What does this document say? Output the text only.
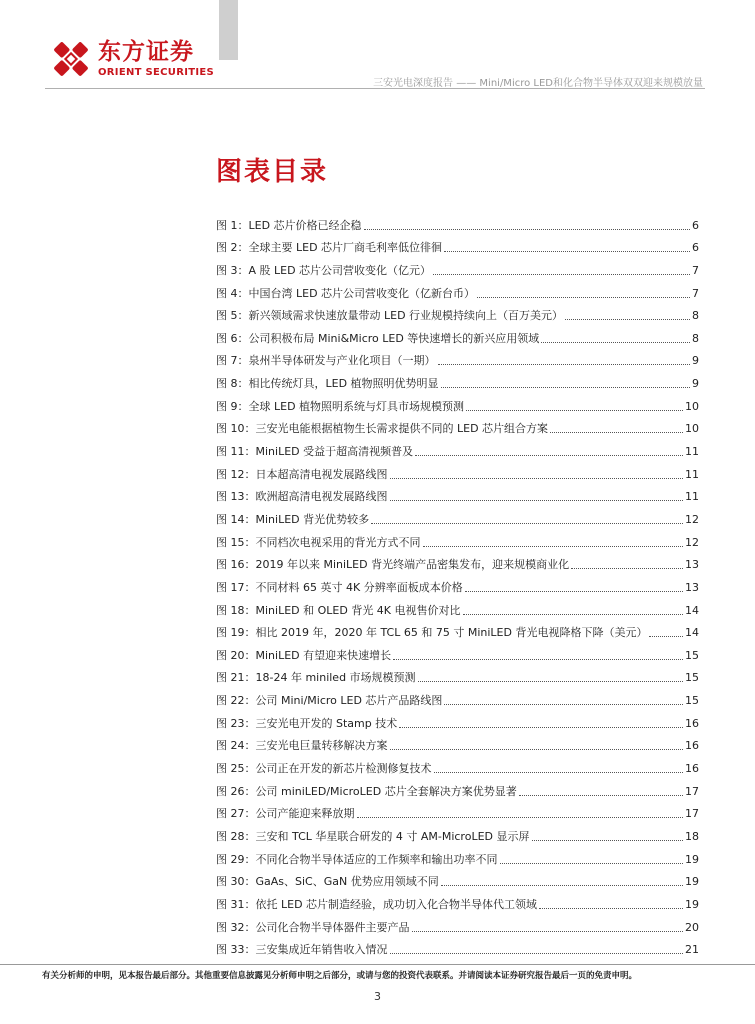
东方证券
ORIENT SECURITIES
三安光电深度报告 —— Mini/Micro LED和化合物半导体双双迎来规模放量
图表目录
图 1：LED 芯片价格已经企稳	6
图 2：全球主要 LED 芯片厂商毛利率低位徘徊	6
图 3：A 股 LED 芯片公司营收变化（亿元）	7
图 4：中国台湾 LED 芯片公司营收变化（亿新台币）	7
图 5：新兴领域需求快速放量带动 LED 行业规模持续向上（百万美元）	8
图 6：公司积极布局 Mini&Micro LED 等快速增长的新兴应用领域	8
图 7：泉州半导体研发与产业化项目（一期）	9
图 8：相比传统灯具，LED 植物照明优势明显	9
图 9：全球 LED 植物照明系统与灯具市场规模预测	10
图 10：三安光电能根据植物生长需求提供不同的 LED 芯片组合方案	10
图 11：MiniLED 受益于超高清视频普及	11
图 12：日本超高清电视发展路线图	11
图 13：欧洲超高清电视发展路线图	11
图 14：MiniLED 背光优势较多	12
图 15：不同档次电视采用的背光方式不同	12
图 16：2019 年以来 MiniLED 背光终端产品密集发布，迎来规模商业化	13
图 17：不同材料 65 英寸 4K 分辨率面板成本价格	13
图 18：MiniLED 和 OLED 背光 4K 电视售价对比	14
图 19：相比 2019 年，2020 年 TCL 65 和 75 寸 MiniLED 背光电视降格下降（美元）	14
图 20：MiniLED 有望迎来快速增长	15
图 21：18-24 年 miniled 市场规模预测	15
图 22：公司 Mini/Micro LED 芯片产品路线图	15
图 23：三安光电开发的 Stamp 技术	16
图 24：三安光电巨量转移解决方案	16
图 25：公司正在开发的新芯片检测修复技术	16
图 26：公司 miniLED/MicroLED 芯片全套解决方案优势显著	17
图 27：公司产能迎来释放期	17
图 28：三安和 TCL 华星联合研发的 4 寸 AM-MicroLED 显示屏	18
图 29：不同化合物半导体适应的工作频率和输出功率不同	19
图 30：GaAs、SiC、GaN 优势应用领域不同	19
图 31：依托 LED 芯片制造经验，成功切入化合物半导体代工领域	19
图 32：公司化合物半导体器件主要产品	20
图 33：三安集成近年销售收入情况	21
有关分析师的申明，见本报告最后部分。其他重要信息披露见分析师申明之后部分，或请与您的投资代表联系。并请阅读本证券研究报告最后一页的免责申明。
3
